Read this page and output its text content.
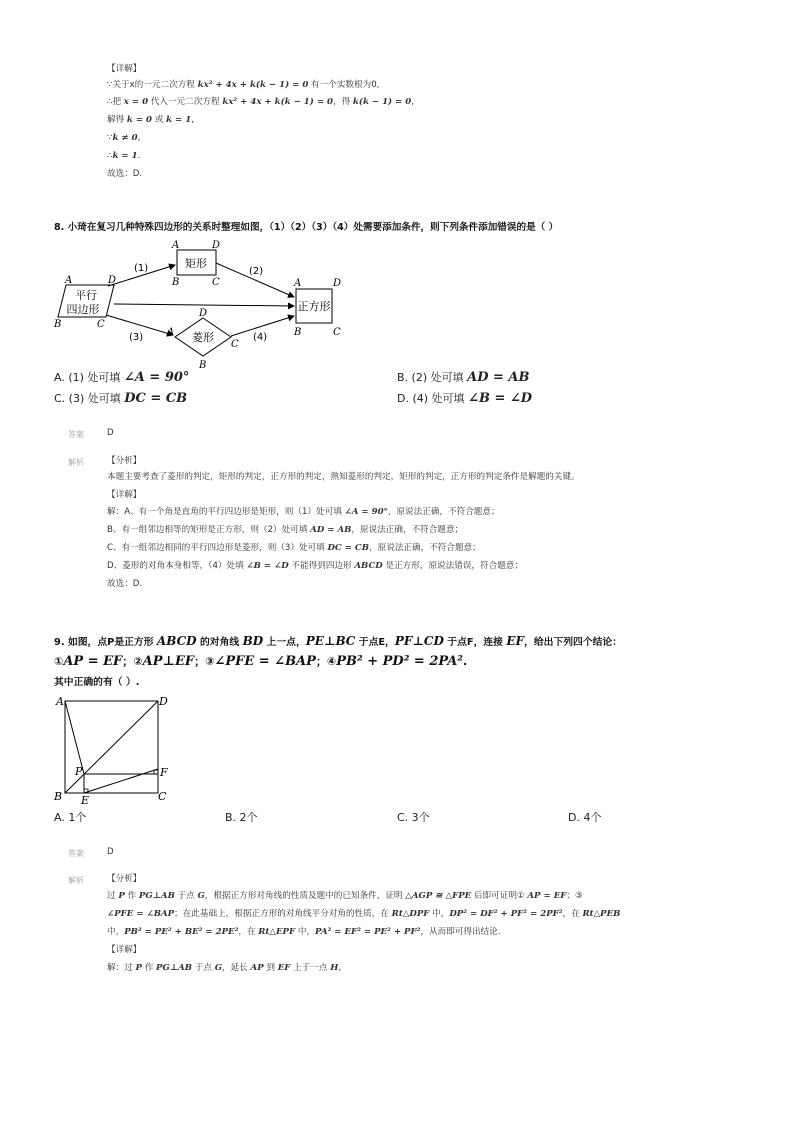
【详解】
∵关于x的一元二次方程 kx² + 4x + k(k − 1) = 0 有一个实数根为0,
∴把 x = 0 代入一元二次方程 kx² + 4x + k(k − 1) = 0，得 k(k − 1) = 0,
解得 k = 0 或 k = 1,
∵k ≠ 0,
∴k = 1.
故选：D.
8. 小琦在复习几种特殊四边形的关系时整理如图，（1）（2）（3）（4）处需要添加条件，则下列条件添加错误的是（ ）
平行
四边形
A	D
B	C
矩形
A	D
B	C
正方形
A	D
B	C
菱形
D
A
C
B
(1)	(2)
(3)	(4)
A. (1) 处可填 ∠A = 90°	B. (2) 处可填 AD = AB
C. (3) 处可填 DC = CB	D. (4) 处可填 ∠B = ∠D
答案	D
解析	【分析】
本题主要考查了菱形的判定，矩形的判定，正方形的判定，熟知菱形的判定，矩形的判定，正方形的判定条件是解题的关键。
【详解】
解：A、有一个角是直角的平行四边形是矩形，则（1）处可填 ∠A = 90°，原说法正确，不符合题意；
B、有一组邻边相等的矩形是正方形，则（2）处可填 AD = AB，原说法正确，不符合题意；
C、有一组邻边相同的平行四边形是菱形，则（3）处可填 DC = CB，原说法正确，不符合题意；
D、菱形的对角本身相等，（4）处填 ∠B = ∠D 不能得到四边形 ABCD 是正方形，原说法错误，符合题意；
故选：D.
9. 如图，点P是正方形 ABCD 的对角线 BD 上一点，PE⊥BC 于点E，PF⊥CD 于点F，连接 EF，给出下列四个结论：
①AP = EF；②AP⊥EF；③∠PFE = ∠BAP；④PB² + PD² = 2PA².
其中正确的有（ ）.
A	D
B	C
P	F
E
A. 1个	B. 2个	C. 3个	D. 4个
答案	D
解析	【分析】
过 P 作 PG⊥AB 于点 G，根据正方形对角线的性质及题中的已知条件，证明 △AGP ≅ △FPE 后即可证明① AP = EF；③
∠PFE = ∠BAP；在此基础上，根据正方形的对角线平分对角的性质，在 Rt△DPF 中，DP² = DF² + PF² = 2PF²，在 Rt△PEB
中，PB² = PE² + BE² = 2PE²，在 Rt△EPF 中，PA² = EF² = PE² + PF²，从而即可得出结论.
【详解】
解：过 P 作 PG⊥AB 于点 G，延长 AP 到 EF 上于一点 H,
